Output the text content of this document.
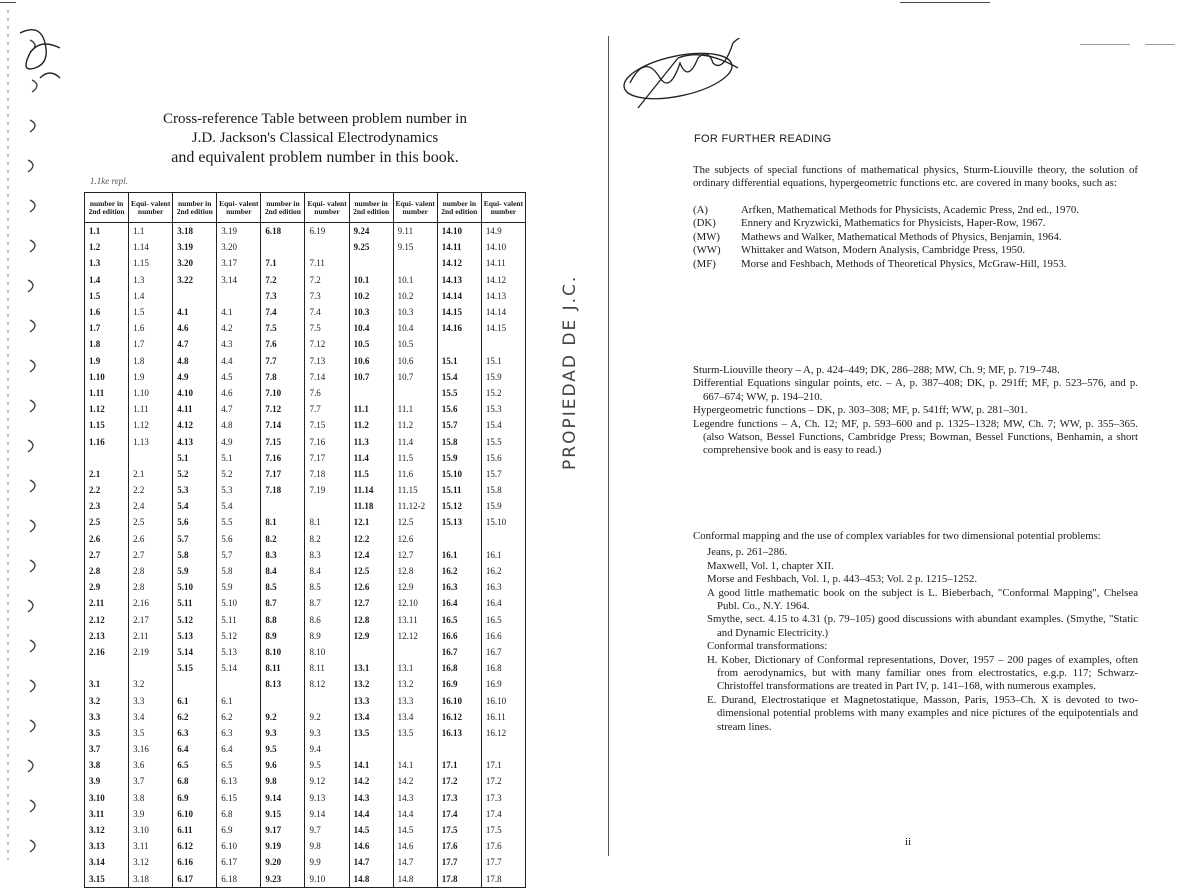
Cross-reference Table between problem number in
J.D. Jackson's Classical Electrodynamics
and equivalent problem number in this book.
1.1ke repl.
number in 2nd edition	Equi- valent number	number in 2nd edition	Equi- valent number	number in 2nd edition	Equi- valent number	number in 2nd edition	Equi- valent number	number in 2nd edition	Equi- valent number
1.1	1.1	3.18	3.19	6.18	6.19	9.24	9.11	14.10	14.9
1.2	1.14	3.19	3.20			9.25	9.15	14.11	14.10
1.3	1.15	3.20	3.17	7.1	7.11			14.12	14.11
1.4	1.3	3.22	3.14	7.2	7.2	10.1	10.1	14.13	14.12
1.5	1.4			7.3	7.3	10.2	10.2	14.14	14.13
1.6	1.5	4.1	4.1	7.4	7.4	10.3	10.3	14.15	14.14
1.7	1.6	4.6	4.2	7.5	7.5	10.4	10.4	14.16	14.15
1.8	1.7	4.7	4.3	7.6	7.12	10.5	10.5		
1.9	1.8	4.8	4.4	7.7	7.13	10.6	10.6	15.1	15.1
1.10	1.9	4.9	4.5	7.8	7.14	10.7	10.7	15.4	15.9
1.11	1.10	4.10	4.6	7.10	7.6			15.5	15.2
1.12	1.11	4.11	4.7	7.12	7.7	11.1	11.1	15.6	15.3
1.15	1.12	4.12	4.8	7.14	7.15	11.2	11.2	15.7	15.4
1.16	1.13	4.13	4.9	7.15	7.16	11.3	11.4	15.8	15.5
		5.1	5.1	7.16	7.17	11.4	11.5	15.9	15.6
2.1	2.1	5.2	5.2	7.17	7.18	11.5	11.6	15.10	15.7
2.2	2.2	5.3	5.3	7.18	7.19	11.14	11.15	15.11	15.8
2.3	2.4	5.4	5.4			11.18	11.12-2	15.12	15.9
2.5	2.5	5.6	5.5	8.1	8.1	12.1	12.5	15.13	15.10
2.6	2.6	5.7	5.6	8.2	8.2	12.2	12.6		
2.7	2.7	5.8	5.7	8.3	8.3	12.4	12.7	16.1	16.1
2.8	2.8	5.9	5.8	8.4	8.4	12.5	12.8	16.2	16.2
2.9	2.8	5.10	5.9	8.5	8.5	12.6	12.9	16.3	16.3
2.11	2.16	5.11	5.10	8.7	8.7	12.7	12.10	16.4	16.4
2.12	2.17	5.12	5.11	8.8	8.6	12.8	13.11	16.5	16.5
2.13	2.11	5.13	5.12	8.9	8.9	12.9	12.12	16.6	16.6
2.16	2.19	5.14	5.13	8.10	8.10			16.7	16.7
		5.15	5.14	8.11	8.11	13.1	13.1	16.8	16.8
3.1	3.2			8.13	8.12	13.2	13.2	16.9	16.9
3.2	3.3	6.1	6.1			13.3	13.3	16.10	16.10
3.3	3.4	6.2	6.2	9.2	9.2	13.4	13.4	16.12	16.11
3.5	3.5	6.3	6.3	9.3	9.3	13.5	13.5	16.13	16.12
3.7	3.16	6.4	6.4	9.5	9.4				
3.8	3.6	6.5	6.5	9.6	9.5	14.1	14.1	17.1	17.1
3.9	3.7	6.8	6.13	9.8	9.12	14.2	14.2	17.2	17.2
3.10	3.8	6.9	6.15	9.14	9.13	14.3	14.3	17.3	17.3
3.11	3.9	6.10	6.8	9.15	9.14	14.4	14.4	17.4	17.4
3.12	3.10	6.11	6.9	9.17	9.7	14.5	14.5	17.5	17.5
3.13	3.11	6.12	6.10	9.19	9.8	14.6	14.6	17.6	17.6
3.14	3.12	6.16	6.17	9.20	9.9	14.7	14.7	17.7	17.7
3.15	3.18	6.17	6.18	9.23	9.10	14.8	14.8	17.8	17.8
FOR FURTHER READING
PROPIEDAD DE J.C.
The subjects of special functions of mathematical physics, Sturm-Liouville theory, the solution of ordinary differential equations, hypergeometric functions etc. are covered in many books, such as:
(A)	Arfken, Mathematical Methods for Physicists, Academic Press, 2nd ed., 1970.
(DK)	Ennery and Kryzwicki, Mathematics for Physicists, Haper-Row, 1967.
(MW)	Mathews and Walker, Mathematical Methods of Physics, Benjamin, 1964.
(WW)	Whittaker and Watson, Modern Analysis, Cambridge Press, 1950.
(MF)	Morse and Feshbach, Methods of Theoretical Physics, McGraw-Hill, 1953.
Sturm-Liouville theory – A, p. 424–449; DK, 286–288; MW, Ch. 9; MF, p. 719–748.
Differential Equations singular points, etc. – A, p. 387–408; DK, p. 291ff; MF, p. 523–576, and p. 667–674; WW, p. 194–210.
Hypergeometric functions – DK, p. 303–308; MF, p. 541ff; WW, p. 281–301.
Legendre functions – A, Ch. 12; MF, p. 593–600 and p. 1325–1328; MW, Ch. 7; WW, p. 355–365. (also Watson, Bessel Functions, Cambridge Press; Bowman, Bessel Functions, Benhamin, a short comprehensive book and is easy to read.)
Conformal mapping and the use of complex variables for two dimensional potential problems:
Jeans, p. 261–286.
Maxwell, Vol. 1, chapter XII.
Morse and Feshbach, Vol. 1, p. 443–453; Vol. 2 p. 1215–1252.
A good little mathematic book on the subject is L. Bieberbach, "Conformal Mapping", Chelsea Publ. Co., N.Y. 1964.
Smythe, sect. 4.15 to 4.31 (p. 79–105) good discussions with abundant examples. (Smythe, "Static and Dynamic Electricity.)
Conformal transformations:
H. Kober, Dictionary of Conformal representations, Dover, 1957 – 200 pages of examples, often from aerodynamics, but with many familiar ones from electrostatics, e.g.p. 117; Schwarz-Christoffel transformations are treated in Part IV, p. 141–168, with numerous examples.
E. Durand, Electrostatique et Magnetostatique, Masson, Paris, 1953–Ch. X is devoted to two-dimensional potential problems with many examples and nice pictures of the equipotentials and stream lines.
ii
